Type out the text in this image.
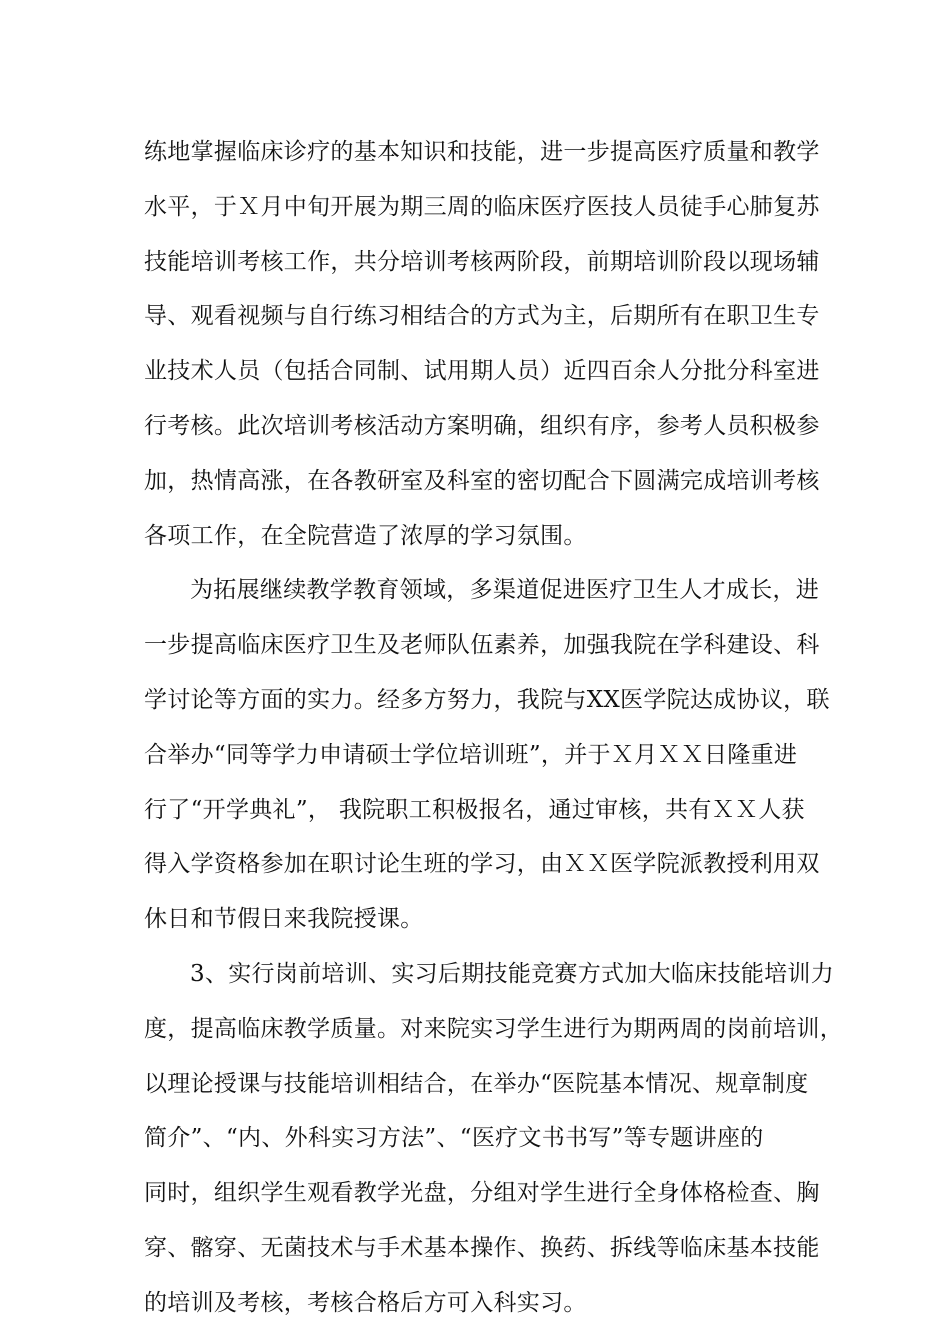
练地掌握临床诊疗的基本知识和技能，进一步提高医疗质量和教学
水平，于Ｘ月中旬开展为期三周的临床医疗医技人员徒手心肺复苏
技能培训考核工作，共分培训考核两阶段，前期培训阶段以现场辅
导、观看视频与自行练习相结合的方式为主，后期所有在职卫生专
业技术人员（包括合同制、试用期人员）近四百余人分批分科室进
行考核。此次培训考核活动方案明确，组织有序，参考人员积极参
加，热情高涨，在各教研室及科室的密切配合下圆满完成培训考核
各项工作，在全院营造了浓厚的学习氛围。
为拓展继续教学教育领域，多渠道促进医疗卫生人才成长，进
一步提高临床医疗卫生及老师队伍素养，加强我院在学科建设、科
学讨论等方面的实力。经多方努力，我院与XX医学院达成协议，联
合举办“同等学力申请硕士学位培训班”，并于Ｘ月ＸＸ日隆重进
行了“开学典礼”， 我院职工积极报名，通过审核，共有ＸＸ人获
得入学资格参加在职讨论生班的学习，由ＸＸ医学院派教授利用双
休日和节假日来我院授课。
3、实行岗前培训、实习后期技能竞赛方式加大临床技能培训力
度，提高临床教学质量。对来院实习学生进行为期两周的岗前培训，
以理论授课与技能培训相结合，在举办“医院基本情况、规章制度
简介”、“内、外科实习方法”、“医疗文书书写”等专题讲座的
同时，组织学生观看教学光盘，分组对学生进行全身体格检查、胸
穿、髂穿、无菌技术与手术基本操作、换药、拆线等临床基本技能
的培训及考核，考核合格后方可入科实习。
